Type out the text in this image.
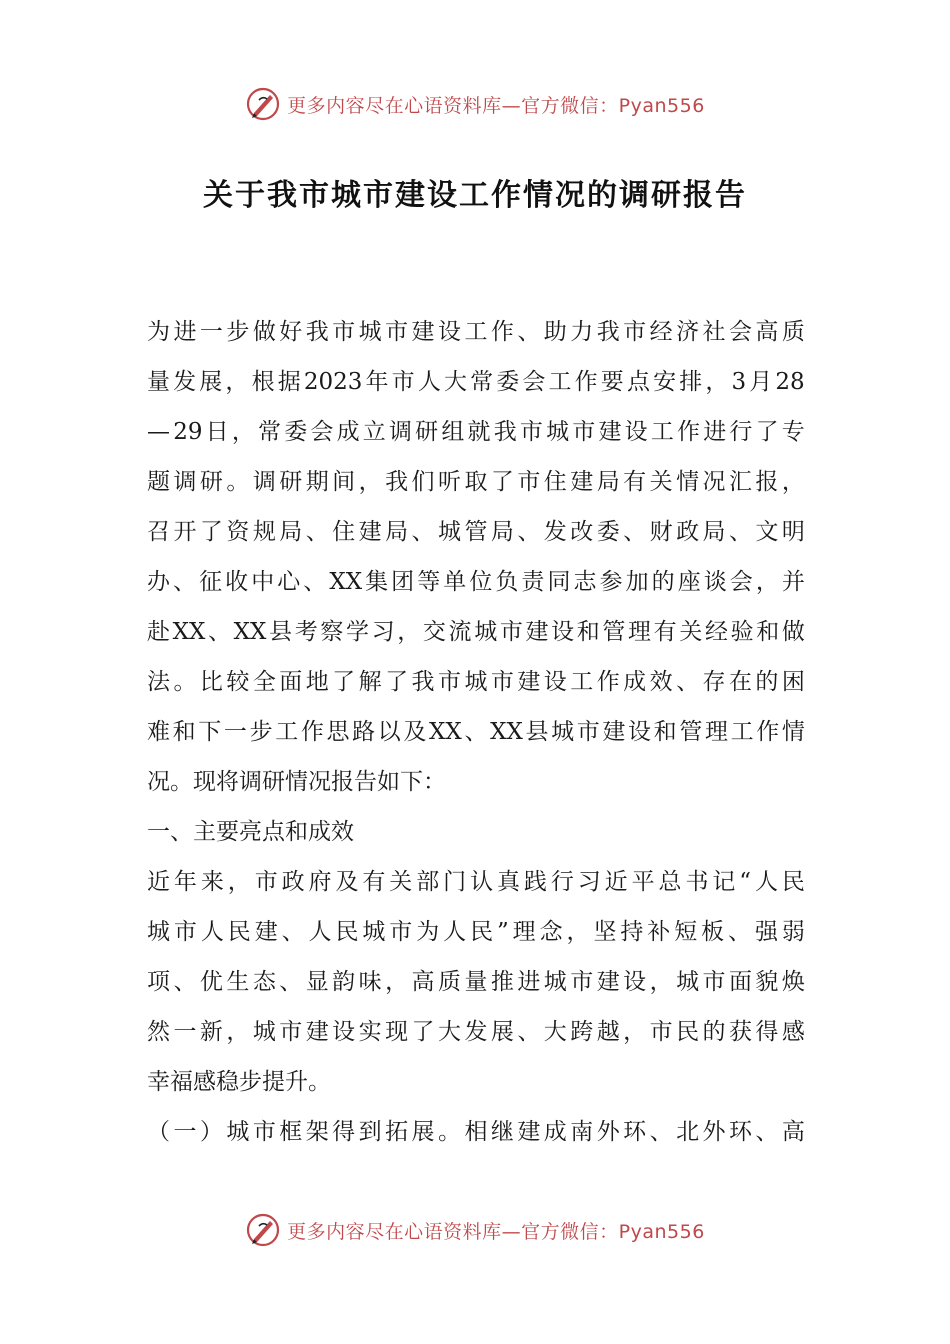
更多内容尽在心语资料库—官方微信：Pyan556
关于我市城市建设工作情况的调研报告
为 进 一 步 做 好 我 市 城 市 建 设 工 作 、 助 力 我 市 经 济 社 会 高 质
量 发 展 ， 根 据 2023 年 市 人 大 常 委 会 工 作 要 点 安 排 ， 3 月 28
— 29 日 ， 常 委 会 成 立 调 研 组 就 我 市 城 市 建 设 工 作 进 行 了 专
题 调 研 。 调 研 期 间 ， 我 们 听 取 了 市 住 建 局 有 关 情 况 汇 报 ，
召 开 了 资 规 局 、 住 建 局 、 城 管 局 、 发 改 委 、 财 政 局 、 文 明
办 、 征 收 中 心 、 XX 集 团 等 单 位 负 责 同 志 参 加 的 座 谈 会 ， 并
赴 XX 、 XX 县 考 察 学 习 ， 交 流 城 市 建 设 和 管 理 有 关 经 验 和 做
法 。 比 较 全 面 地 了 解 了 我 市 城 市 建 设 工 作 成 效 、 存 在 的 困
难 和 下 一 步 工 作 思 路 以 及 XX 、 XX 县 城 市 建 设 和 管 理 工 作 情
况。现将调研情况报告如下：
一、主要亮点和成效
近 年 来 ， 市 政 府 及 有 关 部 门 认 真 践 行 习 近 平 总 书 记 “ 人 民
城 市 人 民 建 、 人 民 城 市 为 人 民 ” 理 念 ， 坚 持 补 短 板 、 强 弱
项 、 优 生 态 、 显 韵 味 ， 高 质 量 推 进 城 市 建 设 ， 城 市 面 貌 焕
然 一 新 ， 城 市 建 设 实 现 了 大 发 展 、 大 跨 越 ， 市 民 的 获 得 感
幸福感稳步提升。
（ 一 ） 城 市 框 架 得 到 拓 展 。 相 继 建 成 南 外 环 、 北 外 环 、 高
更多内容尽在心语资料库—官方微信：Pyan556
